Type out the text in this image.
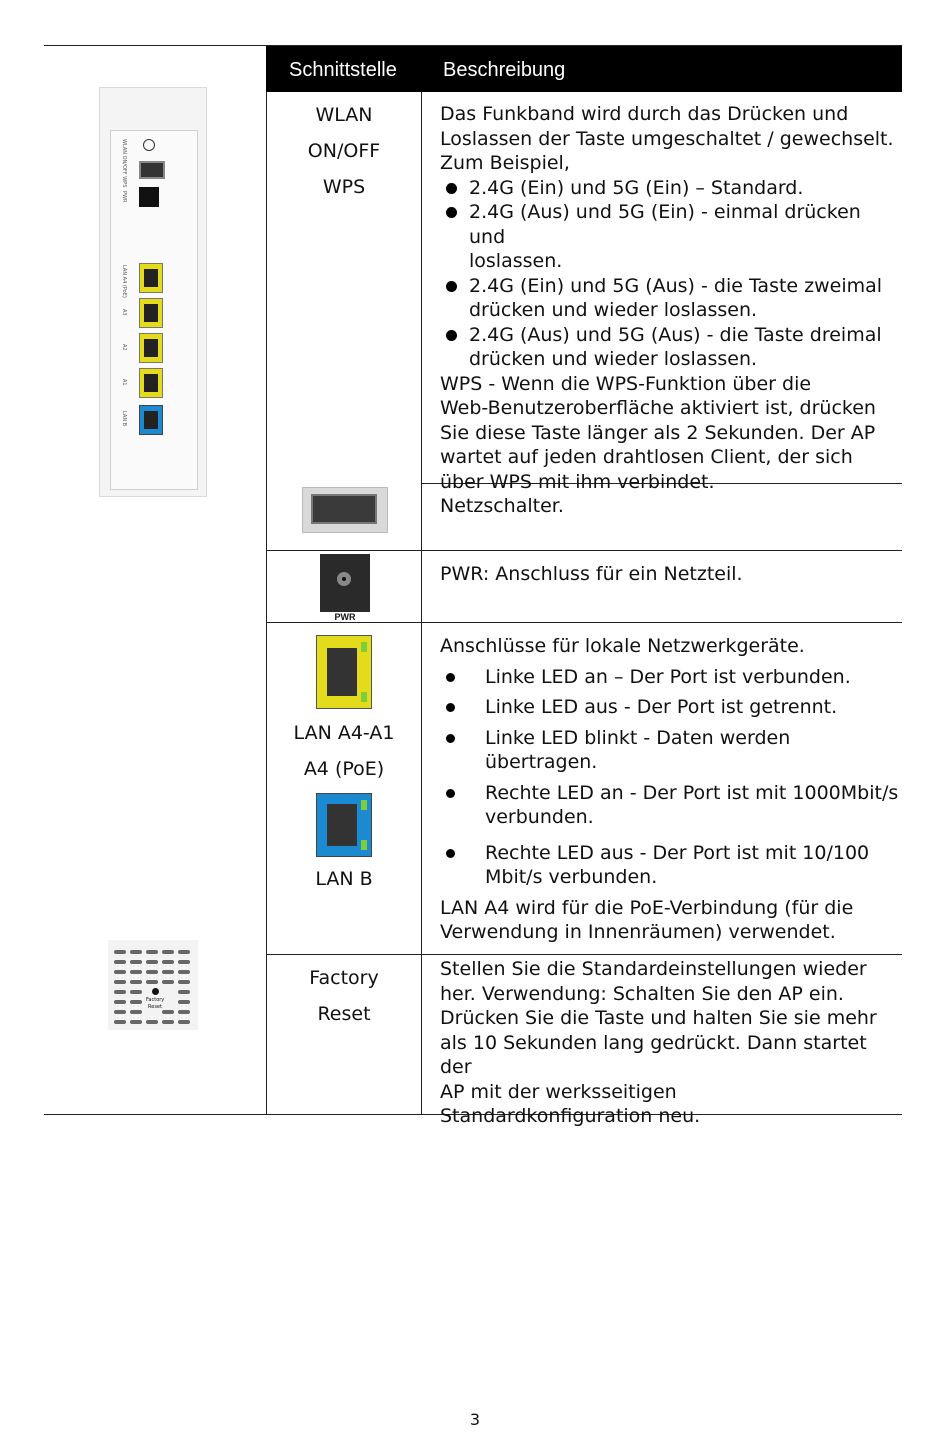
Schnittstelle Beschreibung
WLAN ON/OFF WPS
PWR
LAN A4 (PoE)
A3
A2
A1
LAN B
Factory
Reset
WLAN
ON/OFF
WPS

Das Funkband wird durch das Drücken und

Loslassen der Taste umgeschaltet / gewechselt.

Zum Beispiel,

2.4G (Ein) und 5G (Ein) – Standard.

2.4G (Aus) und 5G (Ein) - einmal drücken und
loslassen.

2.4G (Ein) und 5G (Aus) - die Taste zweimal
drücken und wieder loslassen.

2.4G (Aus) und 5G (Aus) - die Taste dreimal
drücken und wieder loslassen.

WPS - Wenn die WPS-Funktion über die

Web-Benutzeroberfläche aktiviert ist, drücken

Sie diese Taste länger als 2 Sekunden. Der AP

wartet auf jeden drahtlosen Client, der sich

über WPS mit ihm verbindet.

Netzschalter.
PWR
PWR: Anschluss für ein Netzteil.
LAN A4-A1
A4 (PoE)
LAN B

Anschlüsse für lokale Netzwerkgeräte.

Linke LED an – Der Port ist verbunden.

Linke LED aus - Der Port ist getrennt.

Linke LED blinkt - Daten werden
übertragen.

Rechte LED an - Der Port ist mit 1000Mbit/s
verbunden.

Rechte LED aus - Der Port ist mit 10/100
Mbit/s verbunden.

LAN A4 wird für die PoE-Verbindung (für die

Verwendung in Innenräumen) verwendet.

Factory
Reset

Stellen Sie die Standardeinstellungen wieder

her. Verwendung: Schalten Sie den AP ein.

Drücken Sie die Taste und halten Sie sie mehr

als 10 Sekunden lang gedrückt. Dann startet der

AP mit der werksseitigen

Standardkonfiguration neu.

3
